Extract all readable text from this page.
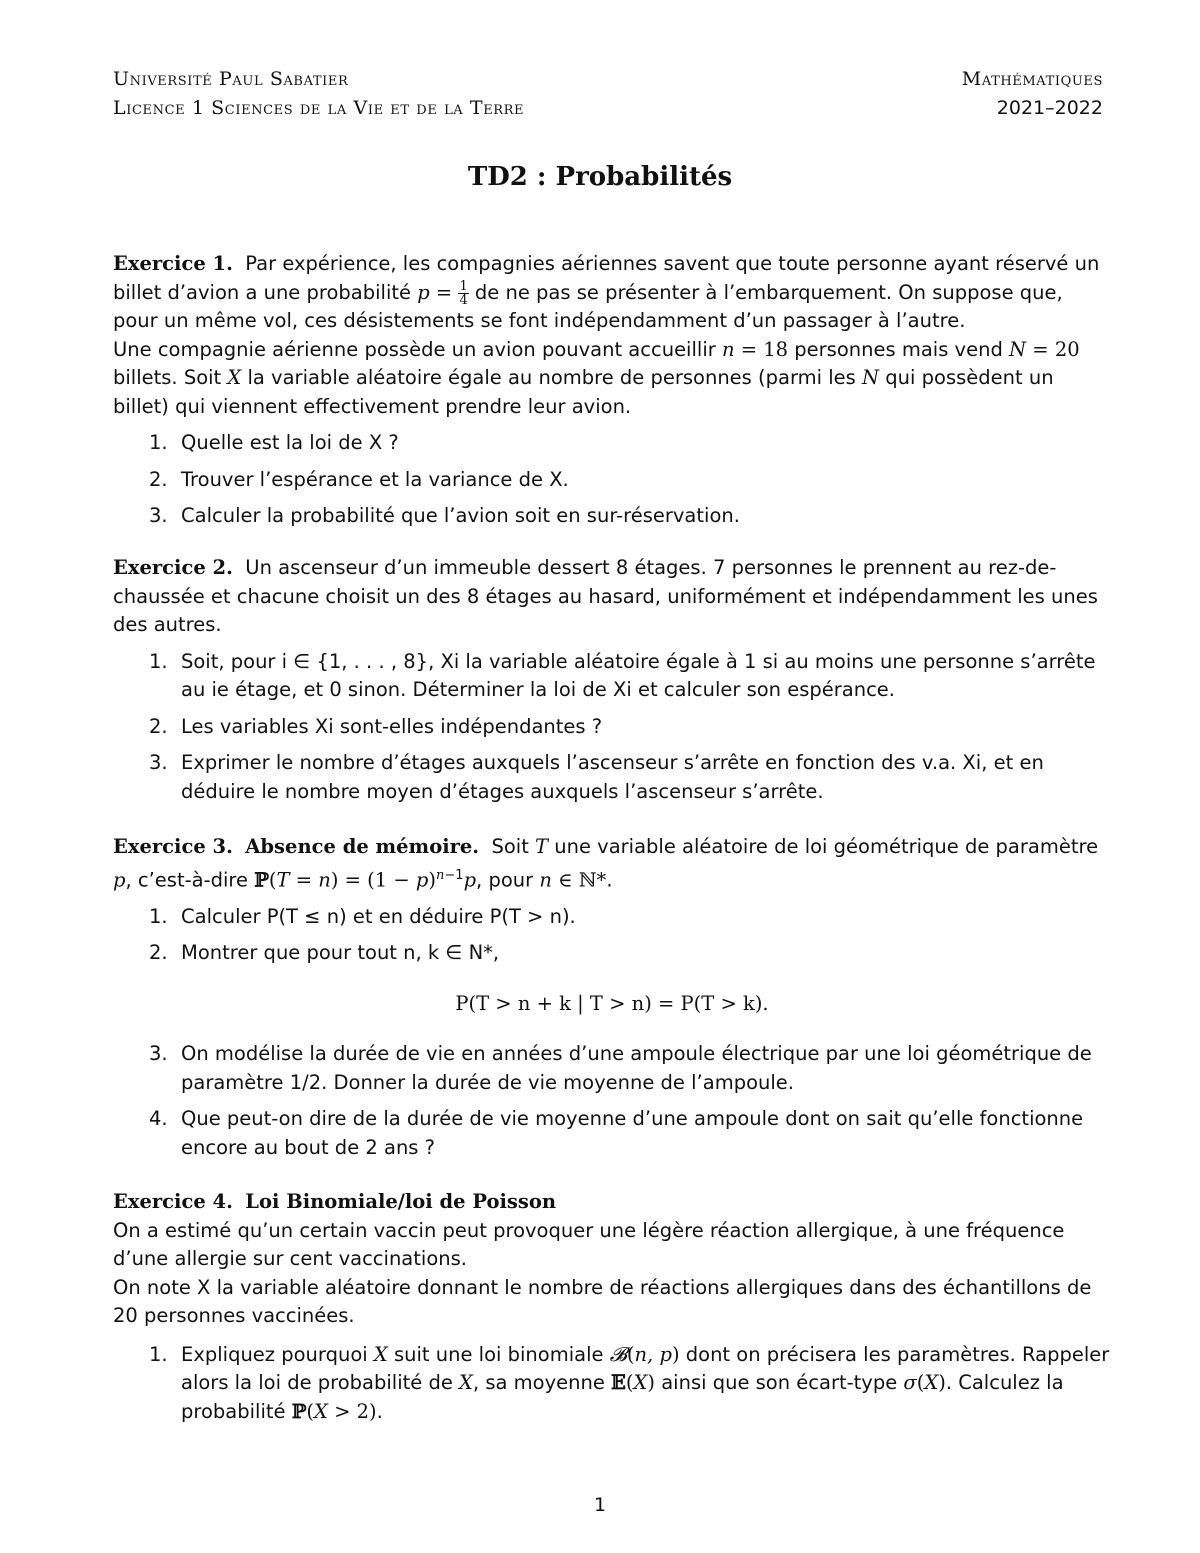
Université Paul Sabatier	Mathématiques
Licence 1 Sciences de la Vie et de la Terre	2021–2022
TD2 : Probabilités
Exercice 1.  Par expérience, les compagnies aériennes savent que toute personne ayant réservé un billet d’avion a une probabilité $p = \frac{1}{4}$ de ne pas se présenter à l’embarquement. On suppose que, pour un même vol, ces désistements se font indépendamment d’un passager à l’autre.
Une compagnie aérienne possède un avion pouvant accueillir n = 18 personnes mais vend N = 20 billets. Soit X la variable aléatoire égale au nombre de personnes (parmi les N qui possèdent un billet) qui viennent effectivement prendre leur avion.
1. Quelle est la loi de X ?
2. Trouver l’espérance et la variance de X.
3. Calculer la probabilité que l’avion soit en sur-réservation.
Exercice 2. Un ascenseur d’un immeuble dessert 8 étages. 7 personnes le prennent au rez-de-chaussée et chacune choisit un des 8 étages au hasard, uniformément et indépendamment les unes des autres.
1. Soit, pour i ∈ {1, . . . , 8}, Xi la variable aléatoire égale à 1 si au moins une personne s’arrête au ie étage, et 0 sinon. Déterminer la loi de Xi et calculer son espérance.
2. Les variables Xi sont-elles indépendantes ?
3. Exprimer le nombre d’étages auxquels l’ascenseur s’arrête en fonction des v.a. Xi, et en déduire le nombre moyen d’étages auxquels l’ascenseur s’arrête.
Exercice 3. Absence de mémoire.  Soit T une variable aléatoire de loi géométrique de paramètre p, c’est-à-dire ℙ(T = $n) = (1 - p)^{n-1}p$, pour n ∈ ℕ*.
1. Calculer P(T ≤ n) et en déduire P(T > n).
2. Montrer que pour tout n, k ∈ N*,
P(T > n + k | T > n) = P(T > k).
3. On modélise la durée de vie en années d’une ampoule électrique par une loi géométrique de paramètre 1/2. Donner la durée de vie moyenne de l’ampoule.
4. Que peut-on dire de la durée de vie moyenne d’une ampoule dont on sait qu’elle fonctionne encore au bout de 2 ans ?
Exercice 4. Loi Binomiale/loi de Poisson
On a estimé qu’un certain vaccin peut provoquer une légère réaction allergique, à une fréquence d’une allergie sur cent vaccinations.
On note X la variable aléatoire donnant le nombre de réactions allergiques dans des échantillons de 20 personnes vaccinées.
1. Expliquez pourquoi X suit une loi binomiale 𝓑(n, p) dont on précisera les paramètres. Rappeler alors la loi de probabilité de X, sa moyenne 𝔼(X) ainsi que son écart-type σ(X). Calculez la probabilité ℙ(X > 2).
1
